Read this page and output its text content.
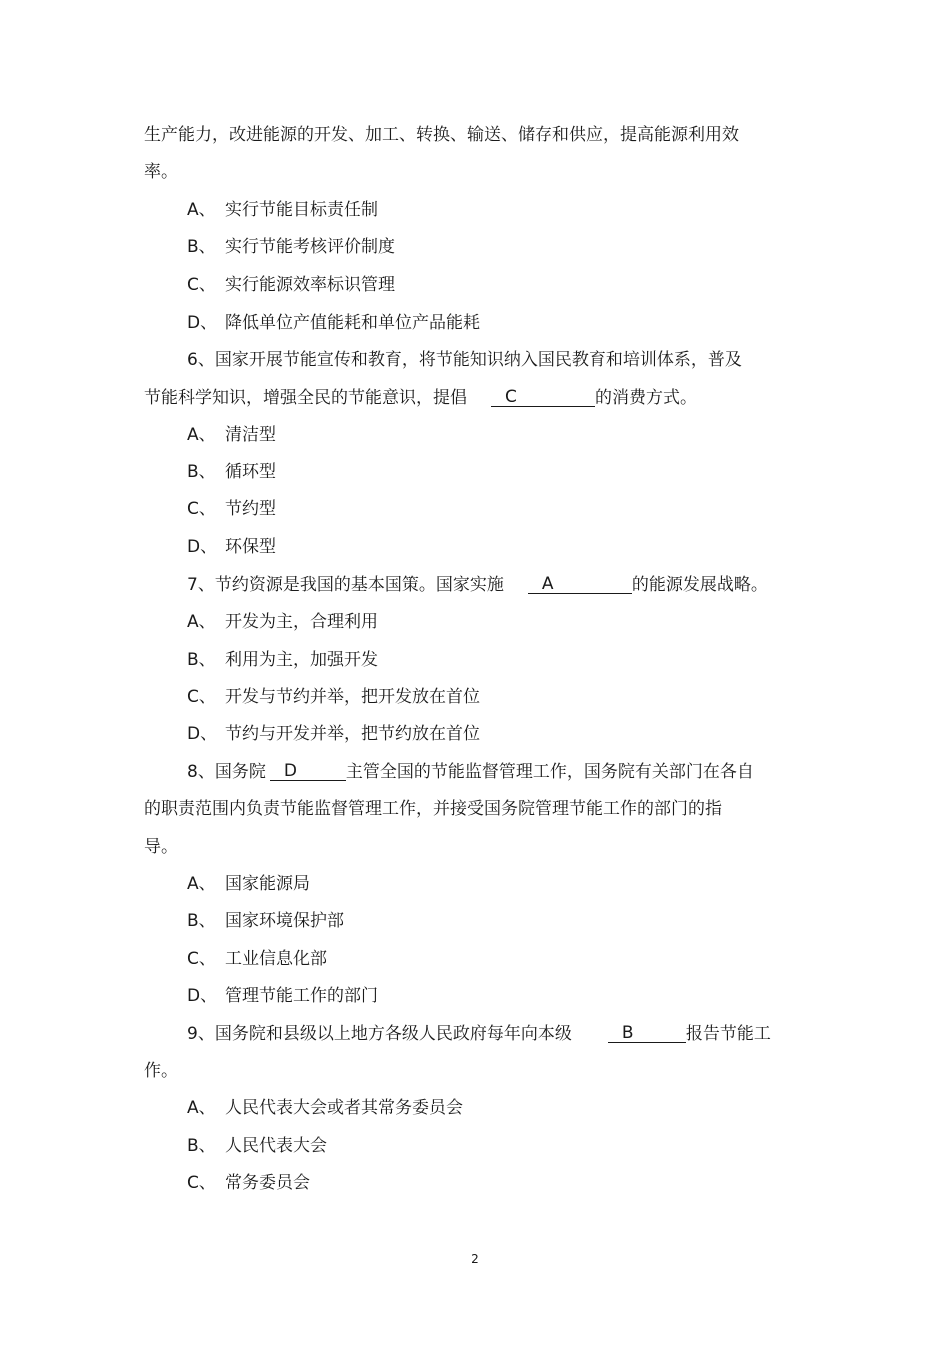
生产能力，改进能源的开发、加工、转换、输送、储存和供应，提高能源利用效
率。
A、 实行节能目标责任制
B、 实行节能考核评价制度
C、 实行能源效率标识管理
D、 降低单位产值能耗和单位产品能耗
6、国家开展节能宣传和教育，将节能知识纳入国民教育和培训体系，普及
节能科学知识，增强全民的节能意识，提倡 C	的消费方式。
A、 清洁型
B、 循环型
C、 节约型
D、 环保型
7、节约资源是我国的基本国策。国家实施 A	的能源发展战略。
A、 开发为主，合理利用
B、 利用为主，加强开发
C、 开发与节约并举，把开发放在首位
D、 节约与开发并举，把节约放在首位
8、国务院 D	主管全国的节能监督管理工作，国务院有关部门在各自
的职责范围内负责节能监督管理工作，并接受国务院管理节能工作的部门的指
导。
A、 国家能源局
B、 国家环境保护部
C、 工业信息化部
D、 管理节能工作的部门
9、国务院和县级以上地方各级人民政府每年向本级	B	报告节能工
作。
A、 人民代表大会或者其常务委员会
B、 人民代表大会
C、 常务委员会
2
